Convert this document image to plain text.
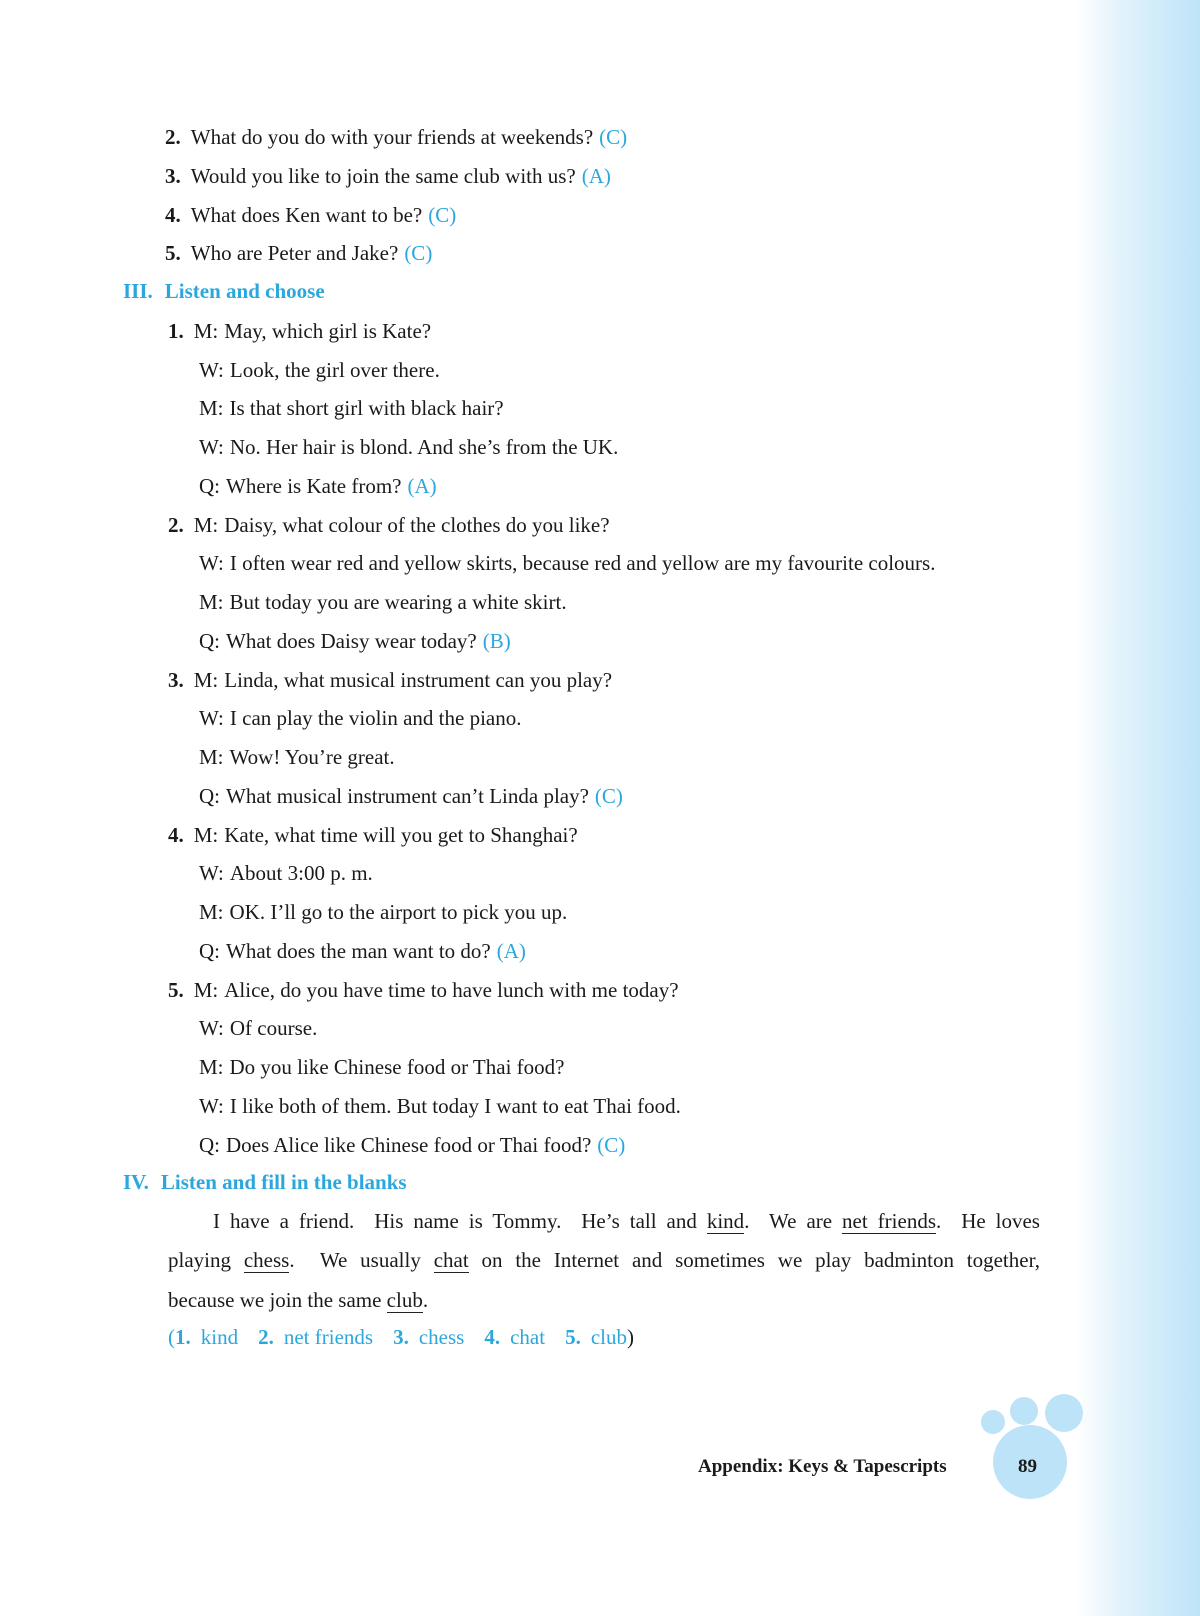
2. What do you do with your friends at weekends? (C)
3. Would you like to join the same club with us? (A)
4. What does Ken want to be? (C)
5. Who are Peter and Jake? (C)
III. Listen and choose
1. M: May, which girl is Kate?
W: Look, the girl over there.
M: Is that short girl with black hair?
W: No. Her hair is blond. And she’s from the UK.
Q: Where is Kate from? (A)
2. M: Daisy, what colour of the clothes do you like?
W: I often wear red and yellow skirts, because red and yellow are my favourite colours.
M: But today you are wearing a white skirt.
Q: What does Daisy wear today? (B)
3. M: Linda, what musical instrument can you play?
W: I can play the violin and the piano.
M: Wow! You’re great.
Q: What musical instrument can’t Linda play? (C)
4. M: Kate, what time will you get to Shanghai?
W: About 3:00 p. m.
M: OK. I’ll go to the airport to pick you up.
Q: What does the man want to do? (A)
5. M: Alice, do you have time to have lunch with me today?
W: Of course.
M: Do you like Chinese food or Thai food?
W: I like both of them. But today I want to eat Thai food.
Q: Does Alice like Chinese food or Thai food? (C)
IV. Listen and fill in the blanks
I have a friend.  His name is Tommy.  He’s tall and kind.  We are net friends.  He loves
playing chess.  We usually chat on the Internet and sometimes we play badminton together,
because we join the same club.
(1. kind 2. net friends 3. chess 4. chat 5. club)
Appendix: Keys & Tapescripts	89
